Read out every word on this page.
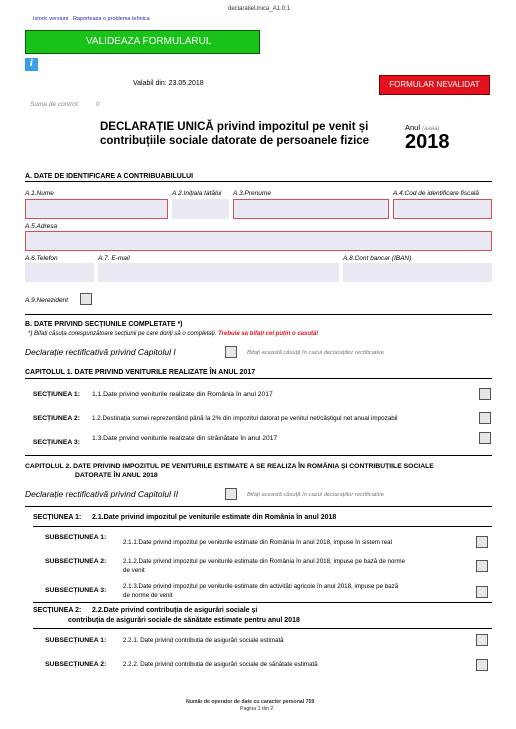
declaratieUnica_A1.0.1
Istoric versiuni Raporteaza o problema tehnica
VALIDEAZA FORMULARUL
i
Valabil din: 23.05.2018	FORMULAR NEVALIDAT
Suma de control:	0
DECLARAȚIE UNICĂ privind impozitul pe venit și
contribuțiile sociale datorate de persoanele fizice
Anul (aaaa)
2018
A. DATE DE IDENTIFICARE A CONTRIBUABILULUI
A.1.Nume	A.2.Inițiala tatălui A.3.Prenume	A.4.Cod de identificare fiscală
A.5.Adresa
A.6.Telefon	A.7. E-mail	A.8.Cont bancar (IBAN)
A.9.Nerezident
B. DATE PRIVIND SECȚIUNILE COMPLETATE *)
*) Bifați căsuța corespunzătoare secțiunii pe care doriți să o completați. Trebuie sa bifați cel puțin o casuță!
Declarație rectificativă privind Capitolul I	Bifați această căsuță în cazul declarațiilor rectificative
CAPITOLUL 1. DATE PRIVIND VENITURILE REALIZATE ÎN ANUL 2017
SECȚIUNEA 1: 1.1.Date privind veniturile realizate din România în anul 2017
SECȚIUNEA 2: 1.2.Destinația sumei reprezentând până la 2% din impozitul datorat pe venitul net/câștigul net anual impozabil
SECȚIUNEA 3:
1.3.Date privind veniturile realizate din străinătate în anul 2017
CAPITOLUL 2. DATE PRIVIND IMPOZITUL PE VENITURILE ESTIMATE A SE REALIZA ÎN ROMÂNIA ȘI CONTRIBUȚIILE SOCIALE
DATORATE ÎN ANUL 2018
Declarație rectificativă privind Capitolul II	Bifați această căsuță în cazul declarațiilor rectificative
SECȚIUNEA 1: 2.1.Date privind impozitul pe veniturile estimate din România în anul 2018
SUBSECȚIUNEA 1:
2.1.1.Date privind impozitul pe veniturile estimate din România în anul 2018, impuse în sistem real
SUBSECȚIUNEA 2:	2.1.2.Date privind impozitul pe veniturile estimate din România în anul 2018, impuse pe bază de norme
de venit
SUBSECȚIUNEA 3:
2.1.3.Date privind impozitul pe veniturile estimate din activități agricole în anul 2018, impuse pe bază
de norme de venit
SECȚIUNEA 2: 2.2.Date privind contribuția de asigurări sociale și
contribuția de asigurări sociale de sănătate estimate pentru anul 2018
SUBSECȚIUNEA 1:	2.2.1. Date privind contribuția de asigurări sociale estimată
SUBSECȚIUNEA 2:	2.2.2. Date privind contribuția de asigurări sociale de sănătate estimată
Număr de operator de date cu caracter personal 759
Pagina 1 din 2
